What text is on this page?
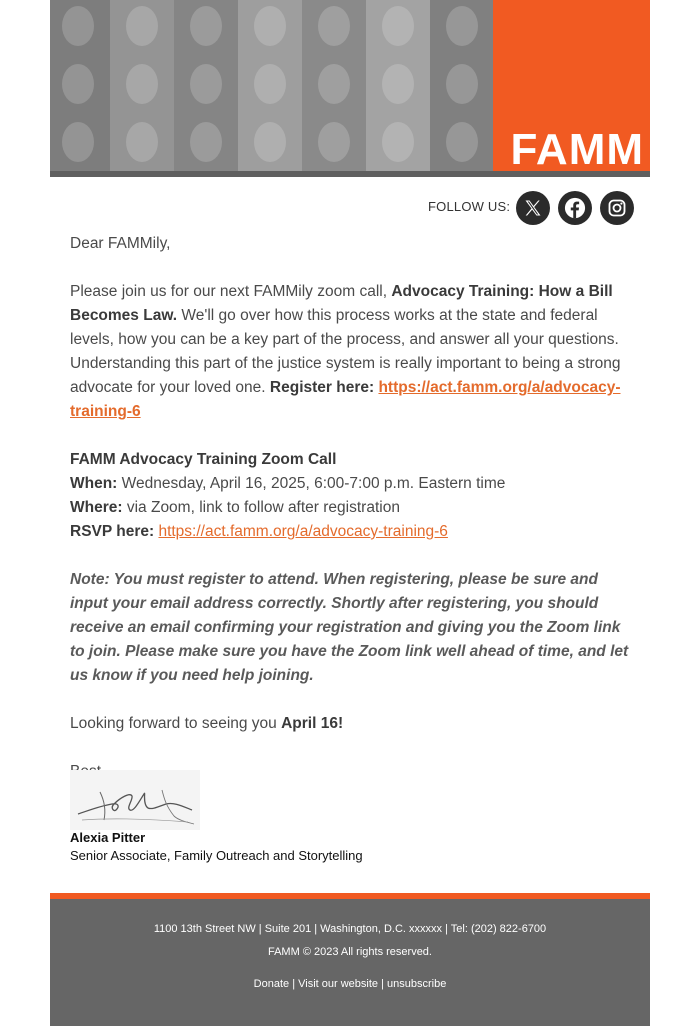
FAMM
FOLLOW US:

Dear FAMMily,

Please join us for our next FAMMily zoom call, Advocacy Training: How a Bill Becomes Law. We'll go over how this process works at the state and federal levels, how you can be a key part of the process, and answer all your questions. Understanding this part of the justice system is really important to being a strong advocate for your loved one. Register here: https://act.famm.org/a/advocacy-training-6

FAMM Advocacy Training Zoom Call

When: Wednesday, April 16, 2025, 6:00-7:00 p.m. Eastern time

Where: via Zoom, link to follow after registration

RSVP here: https://act.famm.org/a/advocacy-training-6

Note: You must register to attend. When registering, please be sure and input your email address correctly. Shortly after registering, you should receive an email confirming your registration and giving you the Zoom link to join. Please make sure you have the Zoom link well ahead of time, and let us know if you need help joining.

Looking forward to seeing you April 16!

Alexia Pitter
Senior Associate, Family Outreach and Storytelling
1100 13th Street NW | Suite 201 | Washington, D.C. xxxxxx | Tel: (202) 822-6700
FAMM © 2023 All rights reserved.
Donate | Visit our website | unsubscribe
